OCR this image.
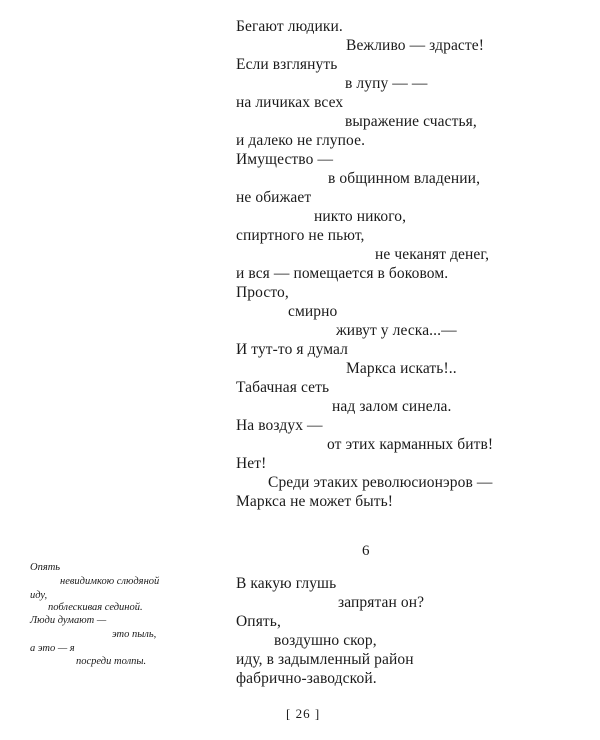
Бегают людики.
Вежливо — здрасте!
Если взглянуть
в лупу — —
на личиках всех
выражение счастья,
и далеко не глупое.
Имущество —
в общинном владении,
не обижает
никто никого,
спиртного не пьют,
не чеканят денег,
и вся — помещается в боковом.
Просто,
смирно
живут у леска...—
И тут-то я думал
Маркса искать!..
Табачная сеть
над залом синела.
На воздух —
от этих карманных битв!
Нет!
Среди этаких революсионэров —
Маркса не может быть!
6
В какую глушь
запрятан он?
Опять,
воздушно скор,
иду, в задымленный район
фабрично-заводской.
Опять
невидимкою слюдяной
иду,
поблескивая сединой.
Люди думают —
это пыль,
а это — я
посреди толпы.
[ 26 ]
